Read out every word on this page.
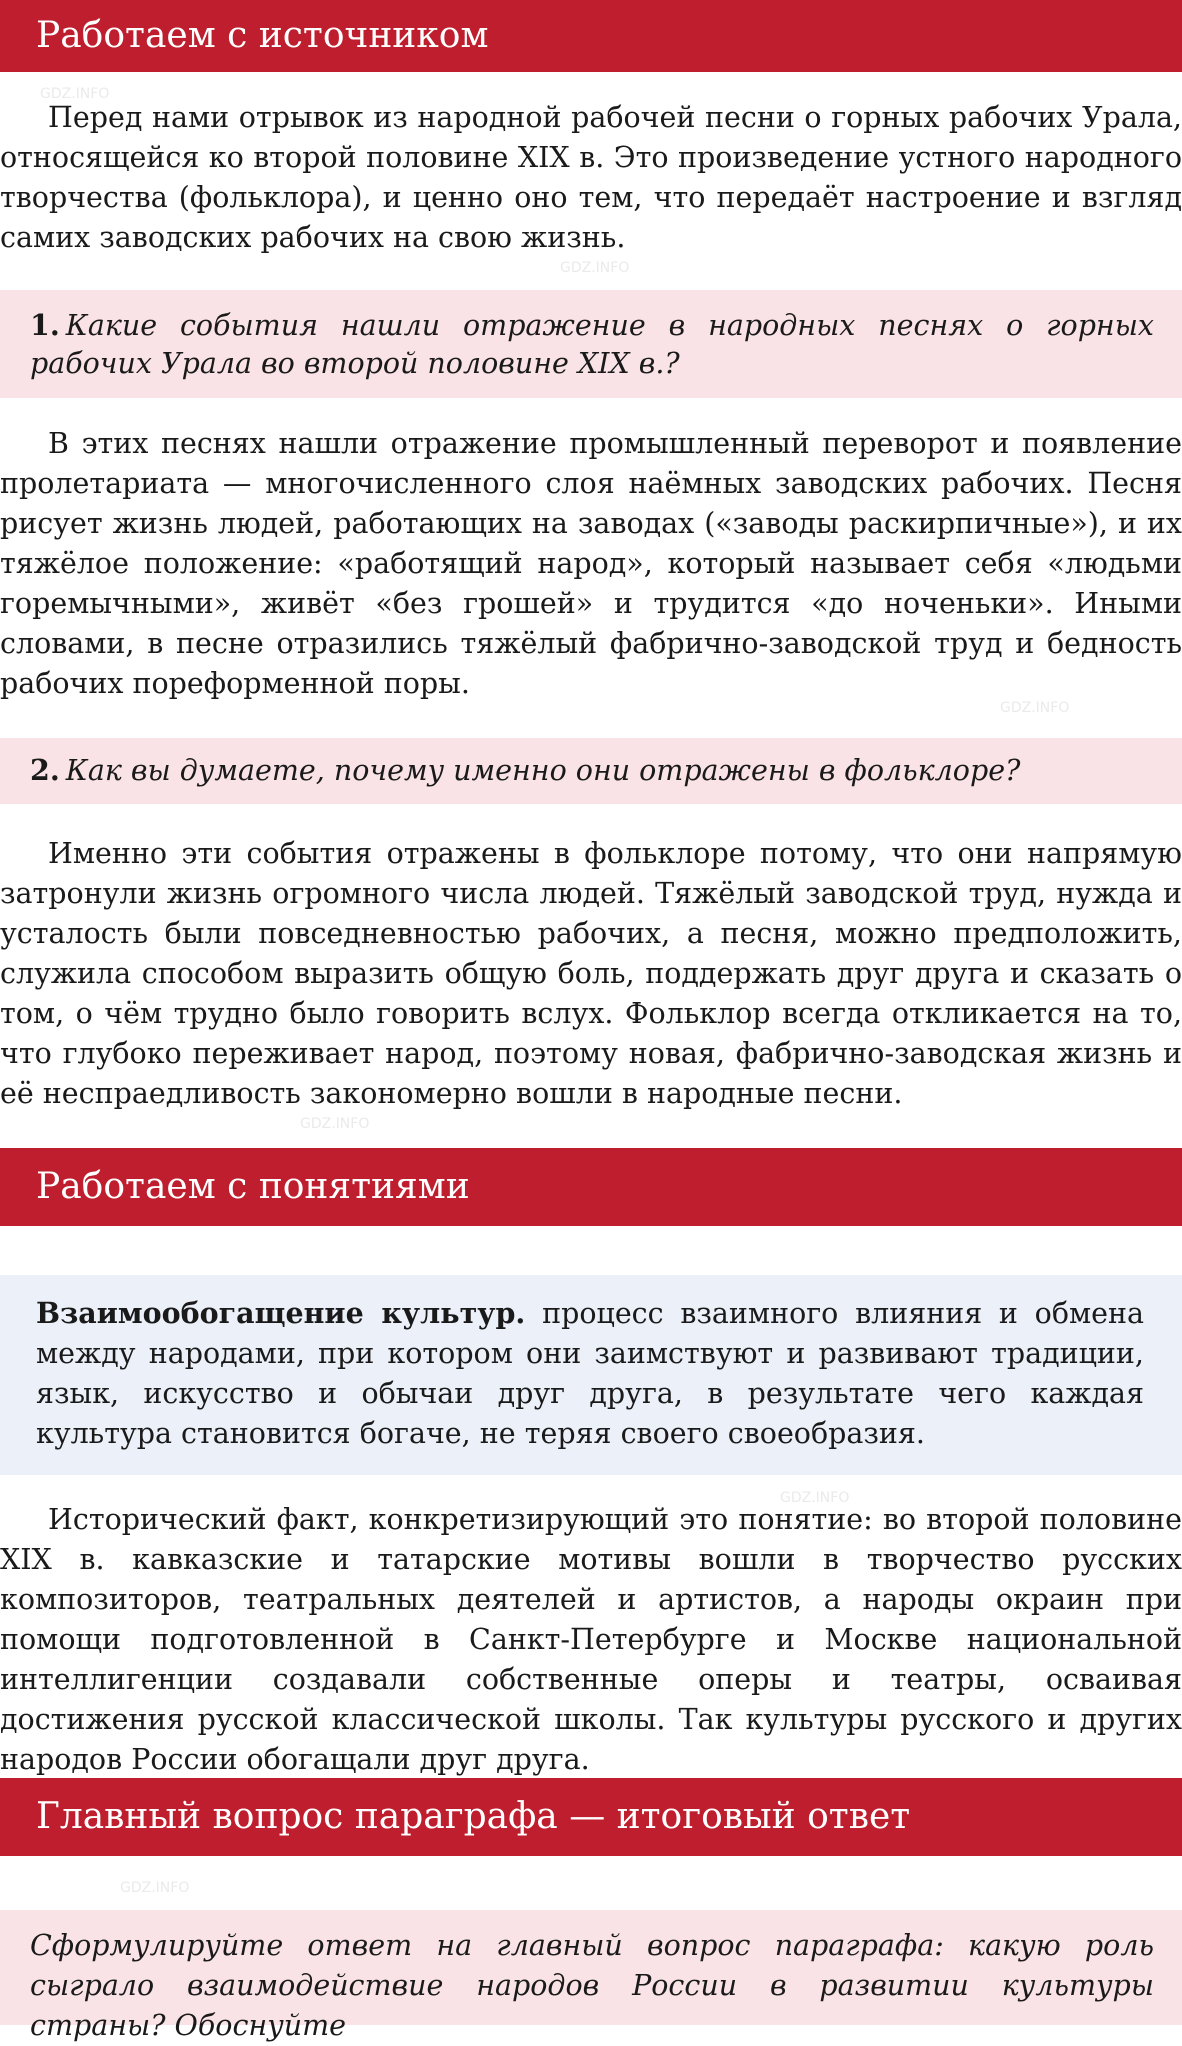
Работаем с источником

Перед нами отрывок из народной рабочей песни о горных рабочих Урала, относящейся ко второй половине XIX в. Это произведение устного народного творчества (фольклора), и ценно оно тем, что передаёт настроение и взгляд самих заводских рабочих на свою жизнь.

1. Какие события нашли отражение в народных песнях о горных рабочих Урала во второй половине XIX в.?

В этих песнях нашли отражение промышленный переворот и появление пролетариата — многочисленного слоя наёмных заводских рабочих. Песня рисует жизнь людей, работающих на заводах («заводы раскирпичные»), и их тяжёлое положение: «работящий народ», который называет себя «людьми горемычными», живёт «без грошей» и трудится «до ноченьки». Иными словами, в песне отразились тяжёлый фабрично-заводской труд и бедность рабочих пореформенной поры.

2. Как вы думаете, почему именно они отражены в фольклоре?

Именно эти события отражены в фольклоре потому, что они напрямую затронули жизнь огромного числа людей. Тяжёлый заводской труд, нужда и усталость были повседневностью рабочих, а песня, можно предположить, служила способом выразить общую боль, поддержать друг друга и сказать о том, о чём трудно было говорить вслух. Фольклор всегда откликается на то, что глубоко переживает народ, поэтому новая, фабрично-заводская жизнь и её неспраедливость закономерно вошли в народные песни.

Работаем с понятиями

Взаимообогащение культур. процесс взаимного влияния и обмена между народами, при котором они заимствуют и развивают традиции, язык, искусство и обычаи друг друга, в результате чего каждая культура становится богаче, не теряя своего своеобразия.

Исторический факт, конкретизирующий это понятие: во второй половине XIX в. кавказские и татарские мотивы вошли в творчество русских композиторов, театральных деятелей и артистов, а народы окраин при помощи подготовленной в Санкт-Петербурге и Москве национальной интеллигенции создавали собственные оперы и театры, осваивая достижения русской классической школы. Так культуры русского и других народов России обогащали друг друга.

Главный вопрос параграфа — итоговый ответ

Сформулируйте ответ на главный вопрос параграфа: какую роль сыграло взаимодействие народов России в развитии культуры страны? Обоснуйте

GDZ.INFO
GDZ.INFO
GDZ.INFO
GDZ.INFO
GDZ.INFO
GDZ.INFO
